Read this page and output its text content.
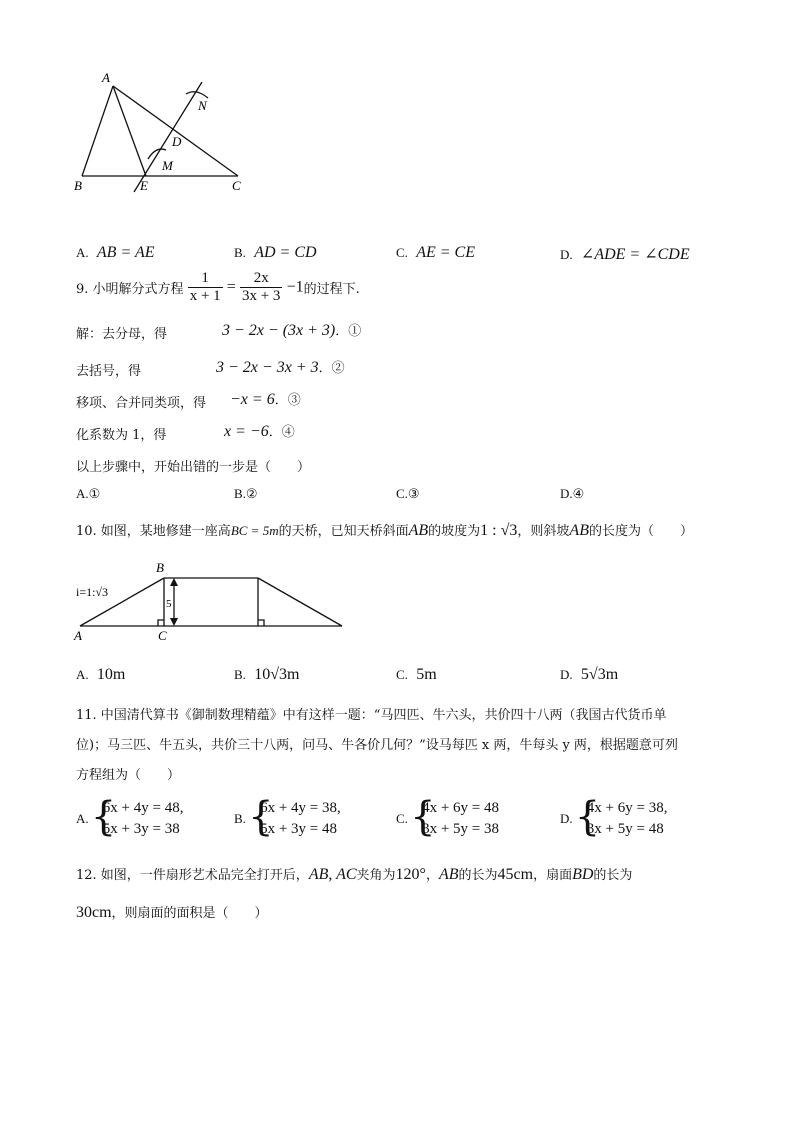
A
B	C
D
E
M
N
A. AB = AE	B. AD = CD	C. AE = CE	D. ∠ADE = ∠CDE
9. 小明解分式方程 $\frac{1}{x + 1} = \frac{2x}{3x + 3} -1$的过程下.
解：去分母，得	3 − 2x − (3x + 3)．①
去括号，得	3 − 2x − 3x + 3．②
移项、合并同类项，得 −x = 6．③
化系数为 1，得	x = −6．④
以上步骤中，开始出错的一步是（　　）
A.①	B.②	C.③	D.④
10. 如图，某地修建一座高BC = 5m的天桥，已知天桥斜面AB的坡度为1 : √3，则斜坡AB的长度为（　　）
5
i=1:√3
A
B
C
A. 10m	B. 10√3m	C. 5m	D. 5√3m
11. 中国清代算书《御制数理精蕴》中有这样一题：“马四匹、牛六头，共价四十八两（我国古代货币单
位)；马三匹、牛五头，共价三十八两，问马、牛各价几何？”设马每匹 x 两，牛每头 y 两，根据题意可列
方程组为（　　）
A. {
6x + 4y = 48,
5x + 3y = 38
B. {
6x + 4y = 38,
5x + 3y = 48
C. {
4x + 6y = 48
3x + 5y = 38
D. {
4x + 6y = 38,
3x + 5y = 48
12. 如图，一件扇形艺术品完全打开后，AB, AC夹角为120°，AB的长为45cm，扇面BD的长为
30cm，则扇面的面积是（　　）
